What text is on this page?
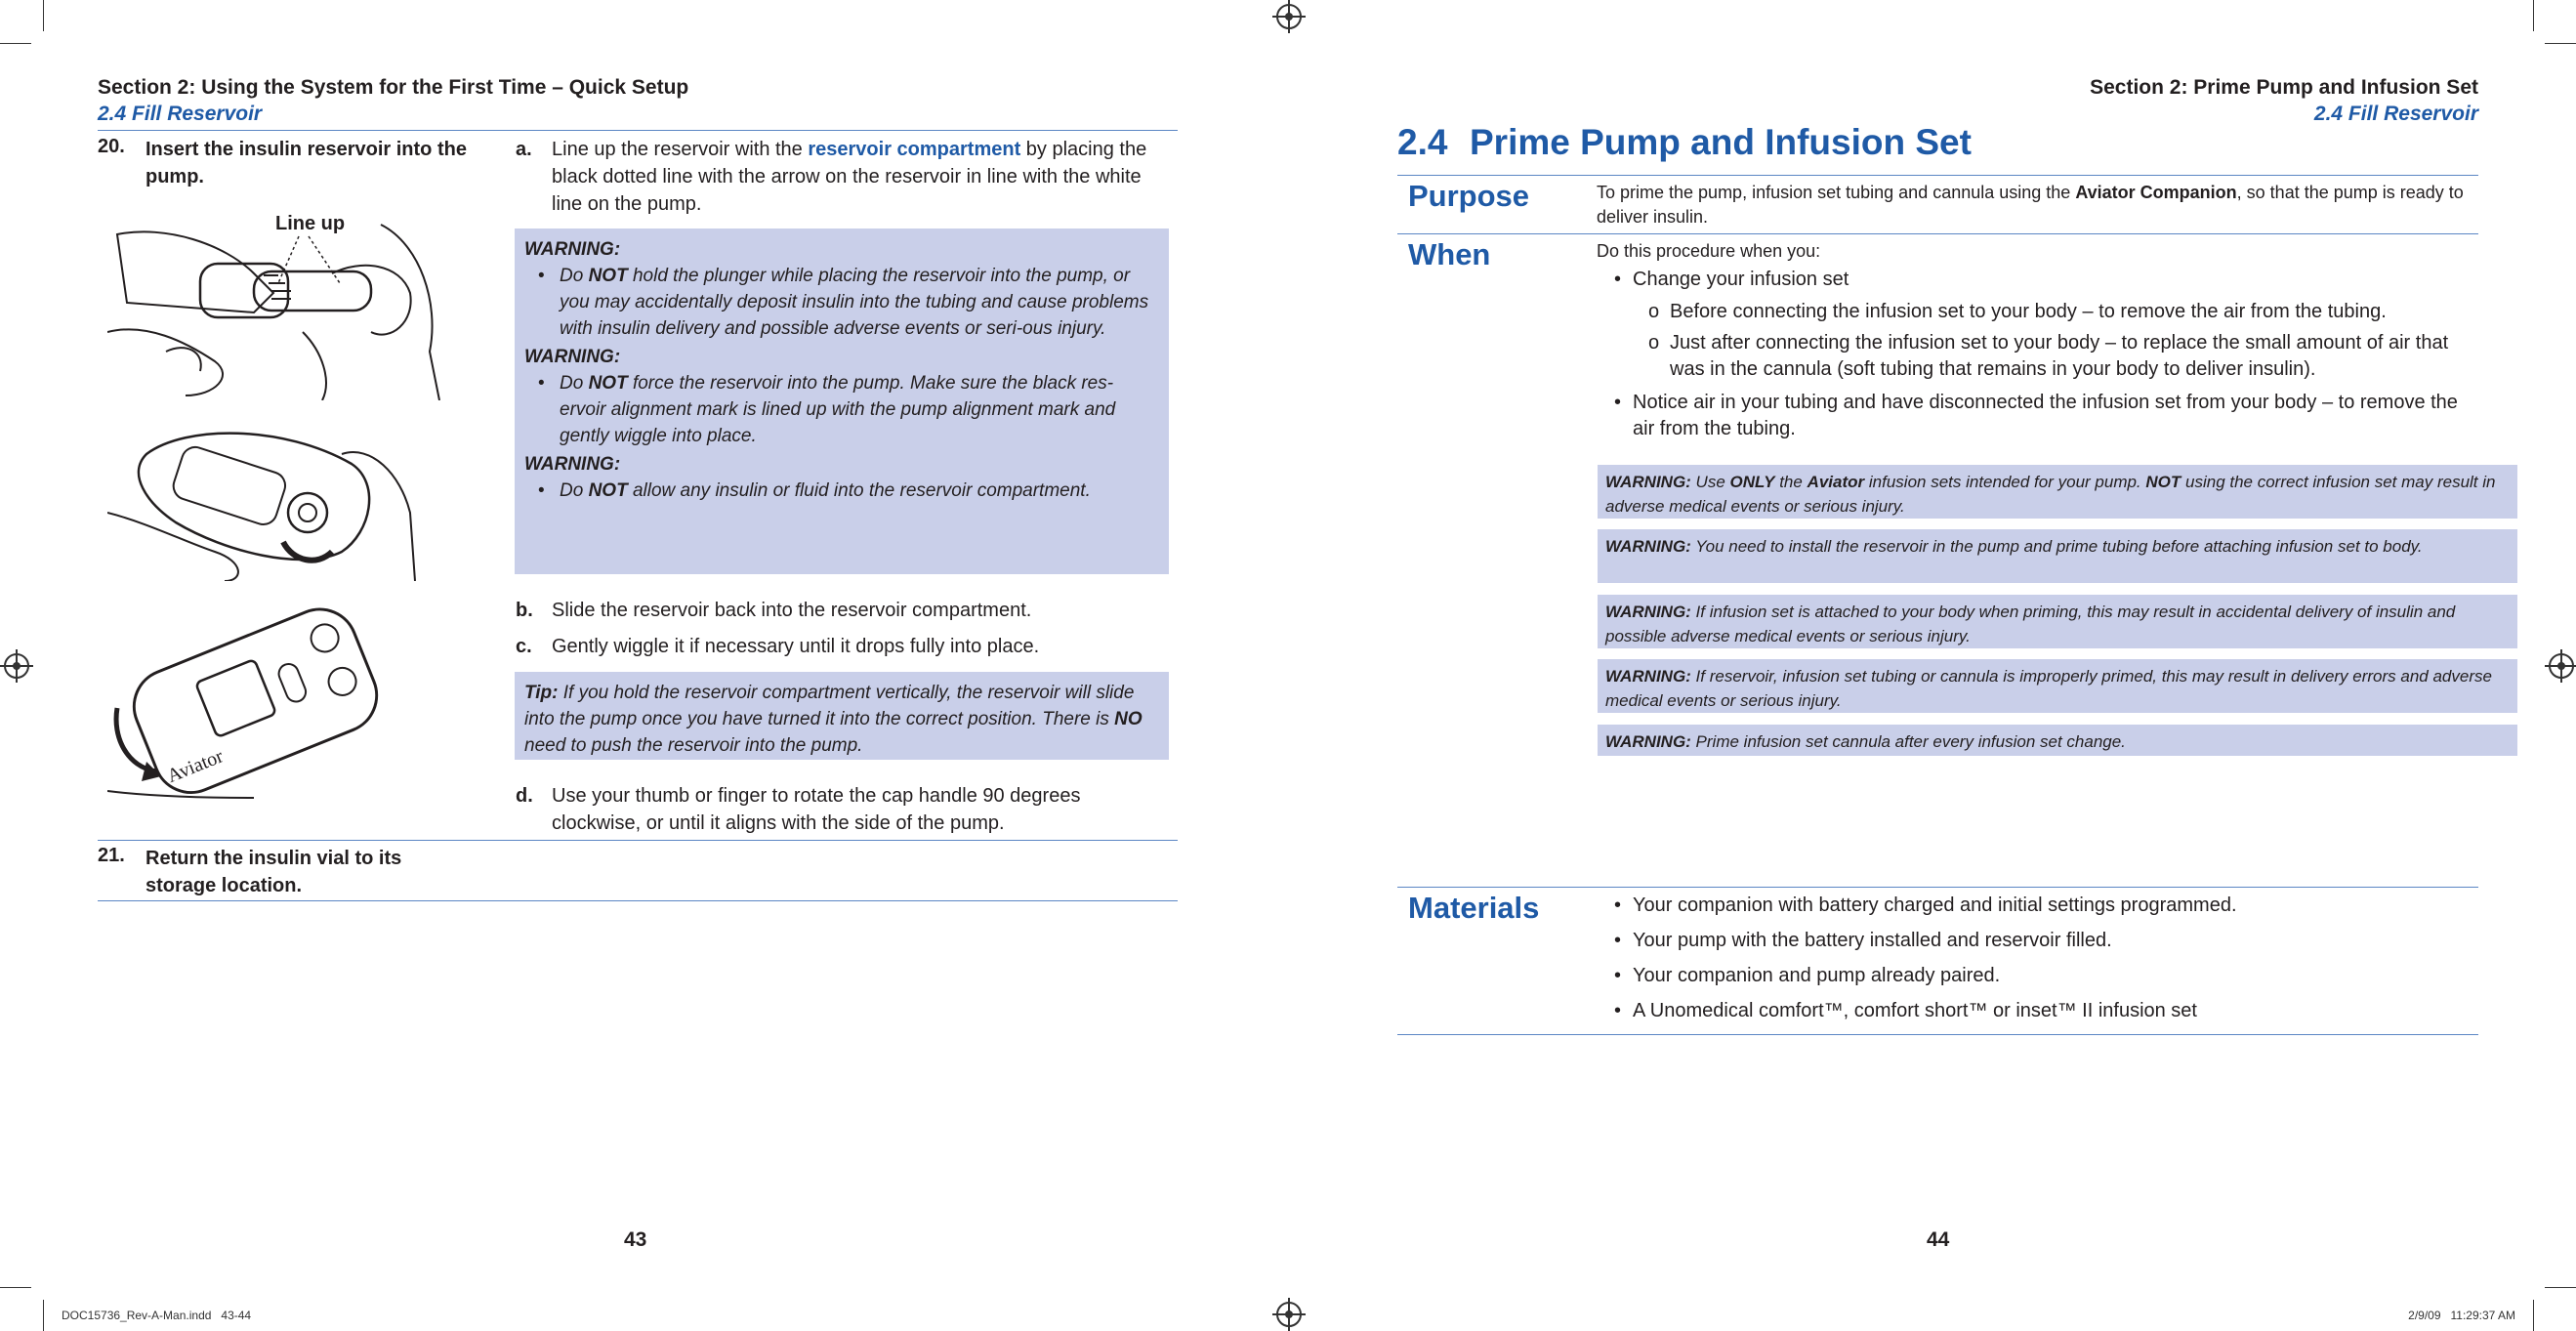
Section 2: Using the System for the First Time – Quick Setup
2.4 Fill Reservoir
20. Insert the insulin reservoir into the pump.
Line up
Aviator
a. Line up the reservoir with the reservoir compartment by placing the black dotted line with the arrow on the reservoir in line with the white line on the pump.
WARNING:
• Do NOT hold the plunger while placing the reservoir into the pump, or you may accidentally deposit insulin into the tubing and cause problems with insulin delivery and possible adverse events or seri-ous injury.
WARNING:
• Do NOT force the reservoir into the pump. Make sure the black res-ervoir alignment mark is lined up with the pump alignment mark and gently wiggle into place.
WARNING:
• Do NOT allow any insulin or fluid into the reservoir compartment.
b. Slide the reservoir back into the reservoir compartment.
c. Gently wiggle it if necessary until it drops fully into place.
Tip: If you hold the reservoir compartment vertically, the reservoir will slide into the pump once you have turned it into the correct position. There is NO need to push the reservoir into the pump.
d. Use your thumb or finger to rotate the cap handle 90 degrees clockwise, or until it aligns with the side of the pump.
21. Return the insulin vial to its storage location.
43
Section 2: Prime Pump and Infusion Set
2.4 Fill Reservoir
2.4 Prime Pump and Infusion Set
Purpose	To prime the pump, infusion set tubing and cannula using the Aviator Companion, so that the pump is ready to deliver insulin.
When	Do this procedure when you:
• Change your infusion set
o Before connecting the infusion set to your body – to remove the air from the tubing.
o Just after connecting the infusion set to your body – to replace the small amount of air that was in the cannula (soft tubing that remains in your body to deliver insulin).
• Notice air in your tubing and have disconnected the infusion set from your body – to remove the air from the tubing.
WARNING: Use ONLY the Aviator infusion sets intended for your pump. NOT using the correct infusion set may result in adverse medical events or serious injury.
WARNING: You need to install the reservoir in the pump and prime tubing before attaching infusion set to body.
WARNING: If infusion set is attached to your body when priming, this may result in accidental delivery of insulin and possible adverse medical events or serious injury.
WARNING: If reservoir, infusion set tubing or cannula is improperly primed, this may result in delivery errors and adverse medical events or serious injury.
WARNING: Prime infusion set cannula after every infusion set change.
Materials
•	Your companion with battery charged and initial settings programmed.
• Your pump with the battery installed and reservoir filled.
• Your companion and pump already paired.
• A Unomedical comfort™, comfort short™ or inset™ II infusion set
44
DOC15736_Rev-A-Man.indd   43-44	2/9/09   11:29:37 AM
